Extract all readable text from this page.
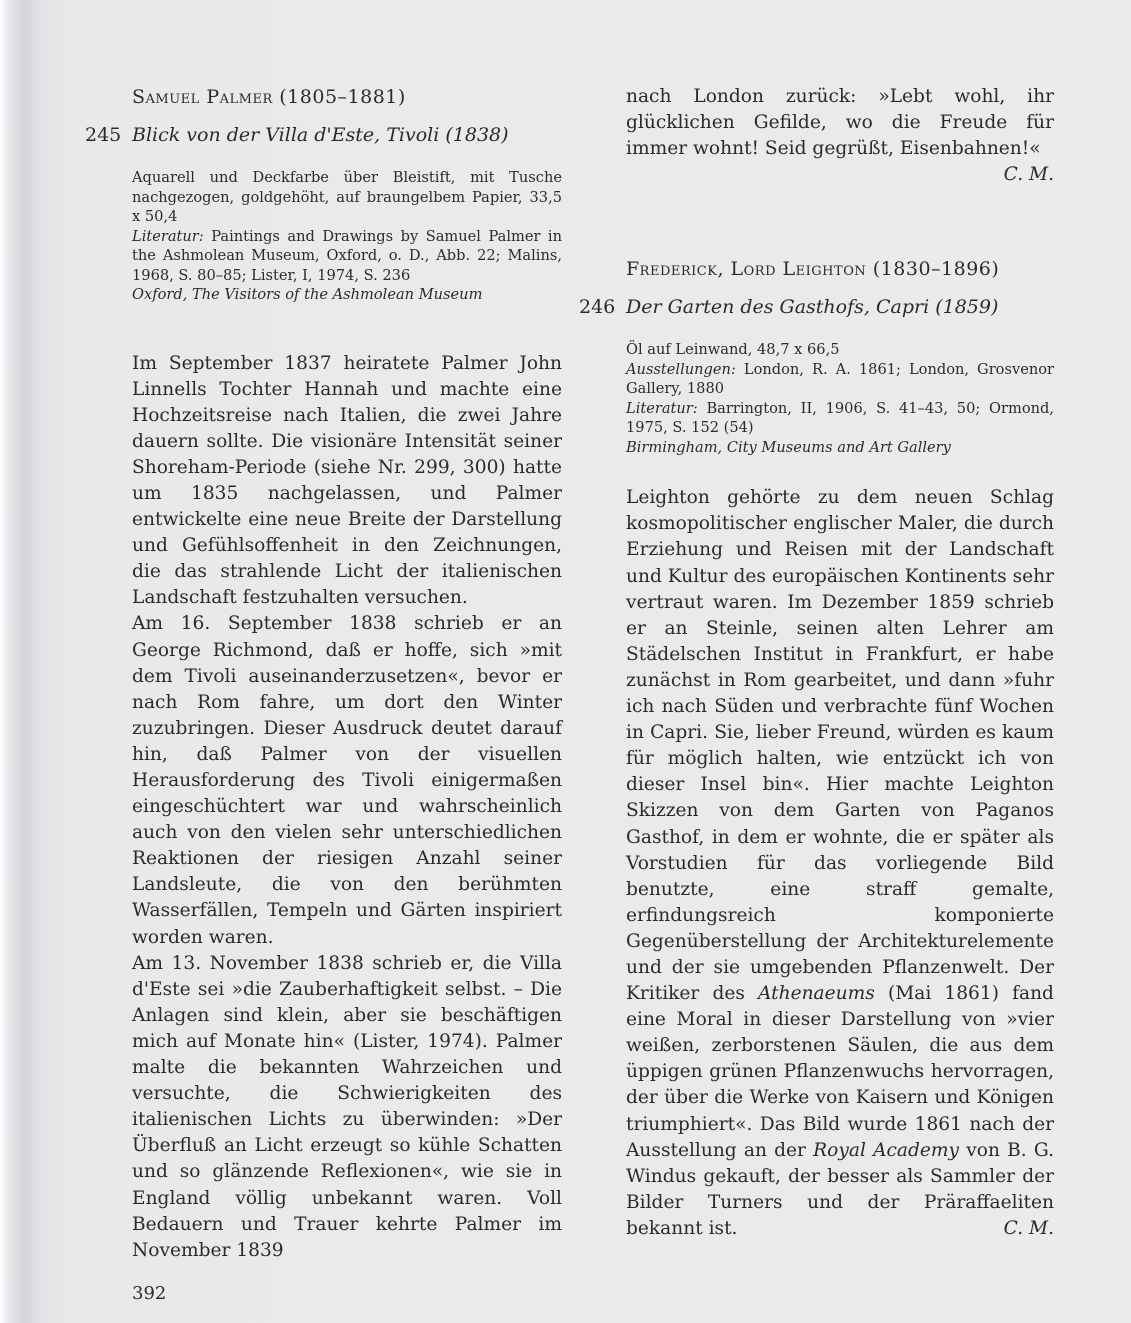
Samuel Palmer (1805–1881)

245 Blick von der Villa d'Este, Tivoli (1838)

Aquarell und Deckfarbe über Bleistift, mit Tusche nachgezogen, goldgehöht, auf braungelbem Papier, 33,5 x 50,4
Literatur: Paintings and Drawings by Samuel Palmer in the Ashmolean Museum, Oxford, o. D., Abb. 22; Malins, 1968, S. 80–85; Lister, I, 1974, S. 236
Oxford, The Visitors of the Ashmolean Museum

Im September 1837 heiratete Palmer John Linnells Tochter Hannah und machte eine Hochzeitsreise nach Italien, die zwei Jahre dauern sollte. Die visionäre Intensität seiner Shoreham-Periode (siehe Nr. 299, 300) hatte um 1835 nachgelassen, und Palmer entwickelte eine neue Breite der Darstellung und Gefühlsoffenheit in den Zeichnungen, die das strahlende Licht der italienischen Landschaft festzuhalten versuchen.

Am 16. September 1838 schrieb er an George Richmond, daß er hoffe, sich »mit dem Tivoli auseinanderzusetzen«, bevor er nach Rom fahre, um dort den Winter zuzubringen. Dieser Ausdruck deutet darauf hin, daß Palmer von der visuellen Herausforderung des Tivoli einigermaßen eingeschüchtert war und wahrscheinlich auch von den vielen sehr unterschiedlichen Reaktionen der riesigen Anzahl seiner Landsleute, die von den berühmten Wasserfällen, Tempeln und Gärten inspiriert worden waren.

Am 13. November 1838 schrieb er, die Villa d'Este sei »die Zauberhaftigkeit selbst. – Die Anlagen sind klein, aber sie beschäftigen mich auf Monate hin« (Lister, 1974). Palmer malte die bekannten Wahrzeichen und versuchte, die Schwierigkeiten des italienischen Lichts zu überwinden: »Der Überfluß an Licht erzeugt so kühle Schatten und so glänzende Reflexionen«, wie sie in England völlig unbekannt waren. Voll Bedauern und Trauer kehrte Palmer im November 1839

nach London zurück: »Lebt wohl, ihr glücklichen Gefilde, wo die Freude für immer wohnt! Seid gegrüßt, Eisenbahnen!«
C. M.

Frederick, Lord Leighton (1830–1896)

246 Der Garten des Gasthofs, Capri (1859)

Öl auf Leinwand, 48,7 x 66,5
Ausstellungen: London, R. A. 1861; London, Grosvenor Gallery, 1880
Literatur: Barrington, II, 1906, S. 41–43, 50; Ormond, 1975, S. 152 (54)
Birmingham, City Museums and Art Gallery

Leighton gehörte zu dem neuen Schlag kosmopolitischer englischer Maler, die durch Erziehung und Reisen mit der Landschaft und Kultur des europäischen Kontinents sehr vertraut waren. Im Dezember 1859 schrieb er an Steinle, seinen alten Lehrer am Städelschen Institut in Frankfurt, er habe zunächst in Rom gearbeitet, und dann »fuhr ich nach Süden und verbrachte fünf Wochen in Capri. Sie, lieber Freund, würden es kaum für möglich halten, wie entzückt ich von dieser Insel bin«. Hier machte Leighton Skizzen von dem Garten von Paganos Gasthof, in dem er wohnte, die er später als Vorstudien für das vorliegende Bild benutzte, eine straff gemalte, erfindungsreich komponierte Gegenüberstellung der Architekturelemente und der sie umgebenden Pflanzenwelt. Der Kritiker des Athenaeums (Mai 1861) fand eine Moral in dieser Darstellung von »vier weißen, zerborstenen Säulen, die aus dem üppigen grünen Pflanzenwuchs hervorragen, der über die Werke von Kaisern und Königen triumphiert«. Das Bild wurde 1861 nach der Ausstellung an der Royal Academy von B. G. Windus gekauft, der besser als Sammler der Bilder Turners und der Präraffaeliten bekannt ist.	C. M.

392
